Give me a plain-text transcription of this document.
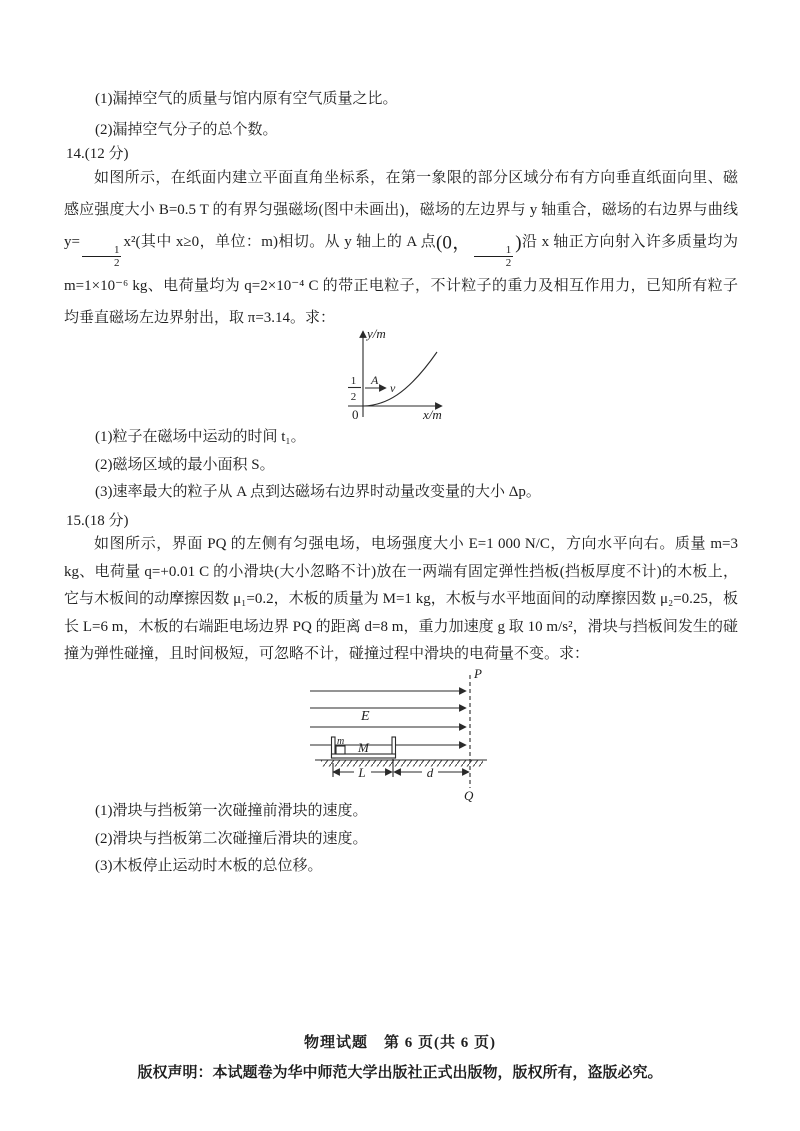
(1)漏掉空气的质量与馆内原有空气质量之比。
(2)漏掉空气分子的总个数。
14.(12 分)
如图所示，在纸面内建立平面直角坐标系，在第一象限的部分区域分布有方向垂直纸面向里、磁感应强度大小 B=0.5 T 的有界匀强磁场(图中未画出)，磁场的左边界与 y 轴重合，磁场的右边界与曲线 y=
$\frac{1}{2}$
x²(其中 x≥0，单位：m)相切。从 y 轴上的 A 点(0，
$\frac{1}{2}$
)沿 x 轴正方向射入许多质量均为 m=1×10⁻⁶ kg、电荷量均为 q=2×10⁻⁴ C 的带正电粒子，不计粒子的重力及相互作用力，已知所有粒子均垂直磁场左边界射出，取 π=3.14。求：
y/m
x/m
0
1
2
A
v
(1)粒子在磁场中运动的时间 t₁。
(2)磁场区域的最小面积 S。
(3)速率最大的粒子从 A 点到达磁场右边界时动量改变量的大小 Δp。
15.(18 分)
如图所示，界面 PQ 的左侧有匀强电场，电场强度大小 E=1 000 N/C，方向水平向右。质量 m=3 kg、电荷量 q=+0.01 C 的小滑块(大小忽略不计)放在一两端有固定弹性挡板(挡板厚度不计)的木板上，它与木板间的动摩擦因数 μ₁=0.2，木板的质量为 M=1 kg，木板与水平地面间的动摩擦因数 μ₂=0.25，板长 L=6 m，木板的右端距电场边界 PQ 的距离 d=8 m，重力加速度 g 取 10 m/s²，滑块与挡板间发生的碰撞为弹性碰撞，且时间极短，可忽略不计，碰撞过程中滑块的电荷量不变。求：
P
Q
E
m M
L	d
(1)滑块与挡板第一次碰撞前滑块的速度。
(2)滑块与挡板第二次碰撞后滑块的速度。
(3)木板停止运动时木板的总位移。
物理试题　第 6 页(共 6 页)
版权声明：本试题卷为华中师范大学出版社正式出版物，版权所有，盗版必究。
